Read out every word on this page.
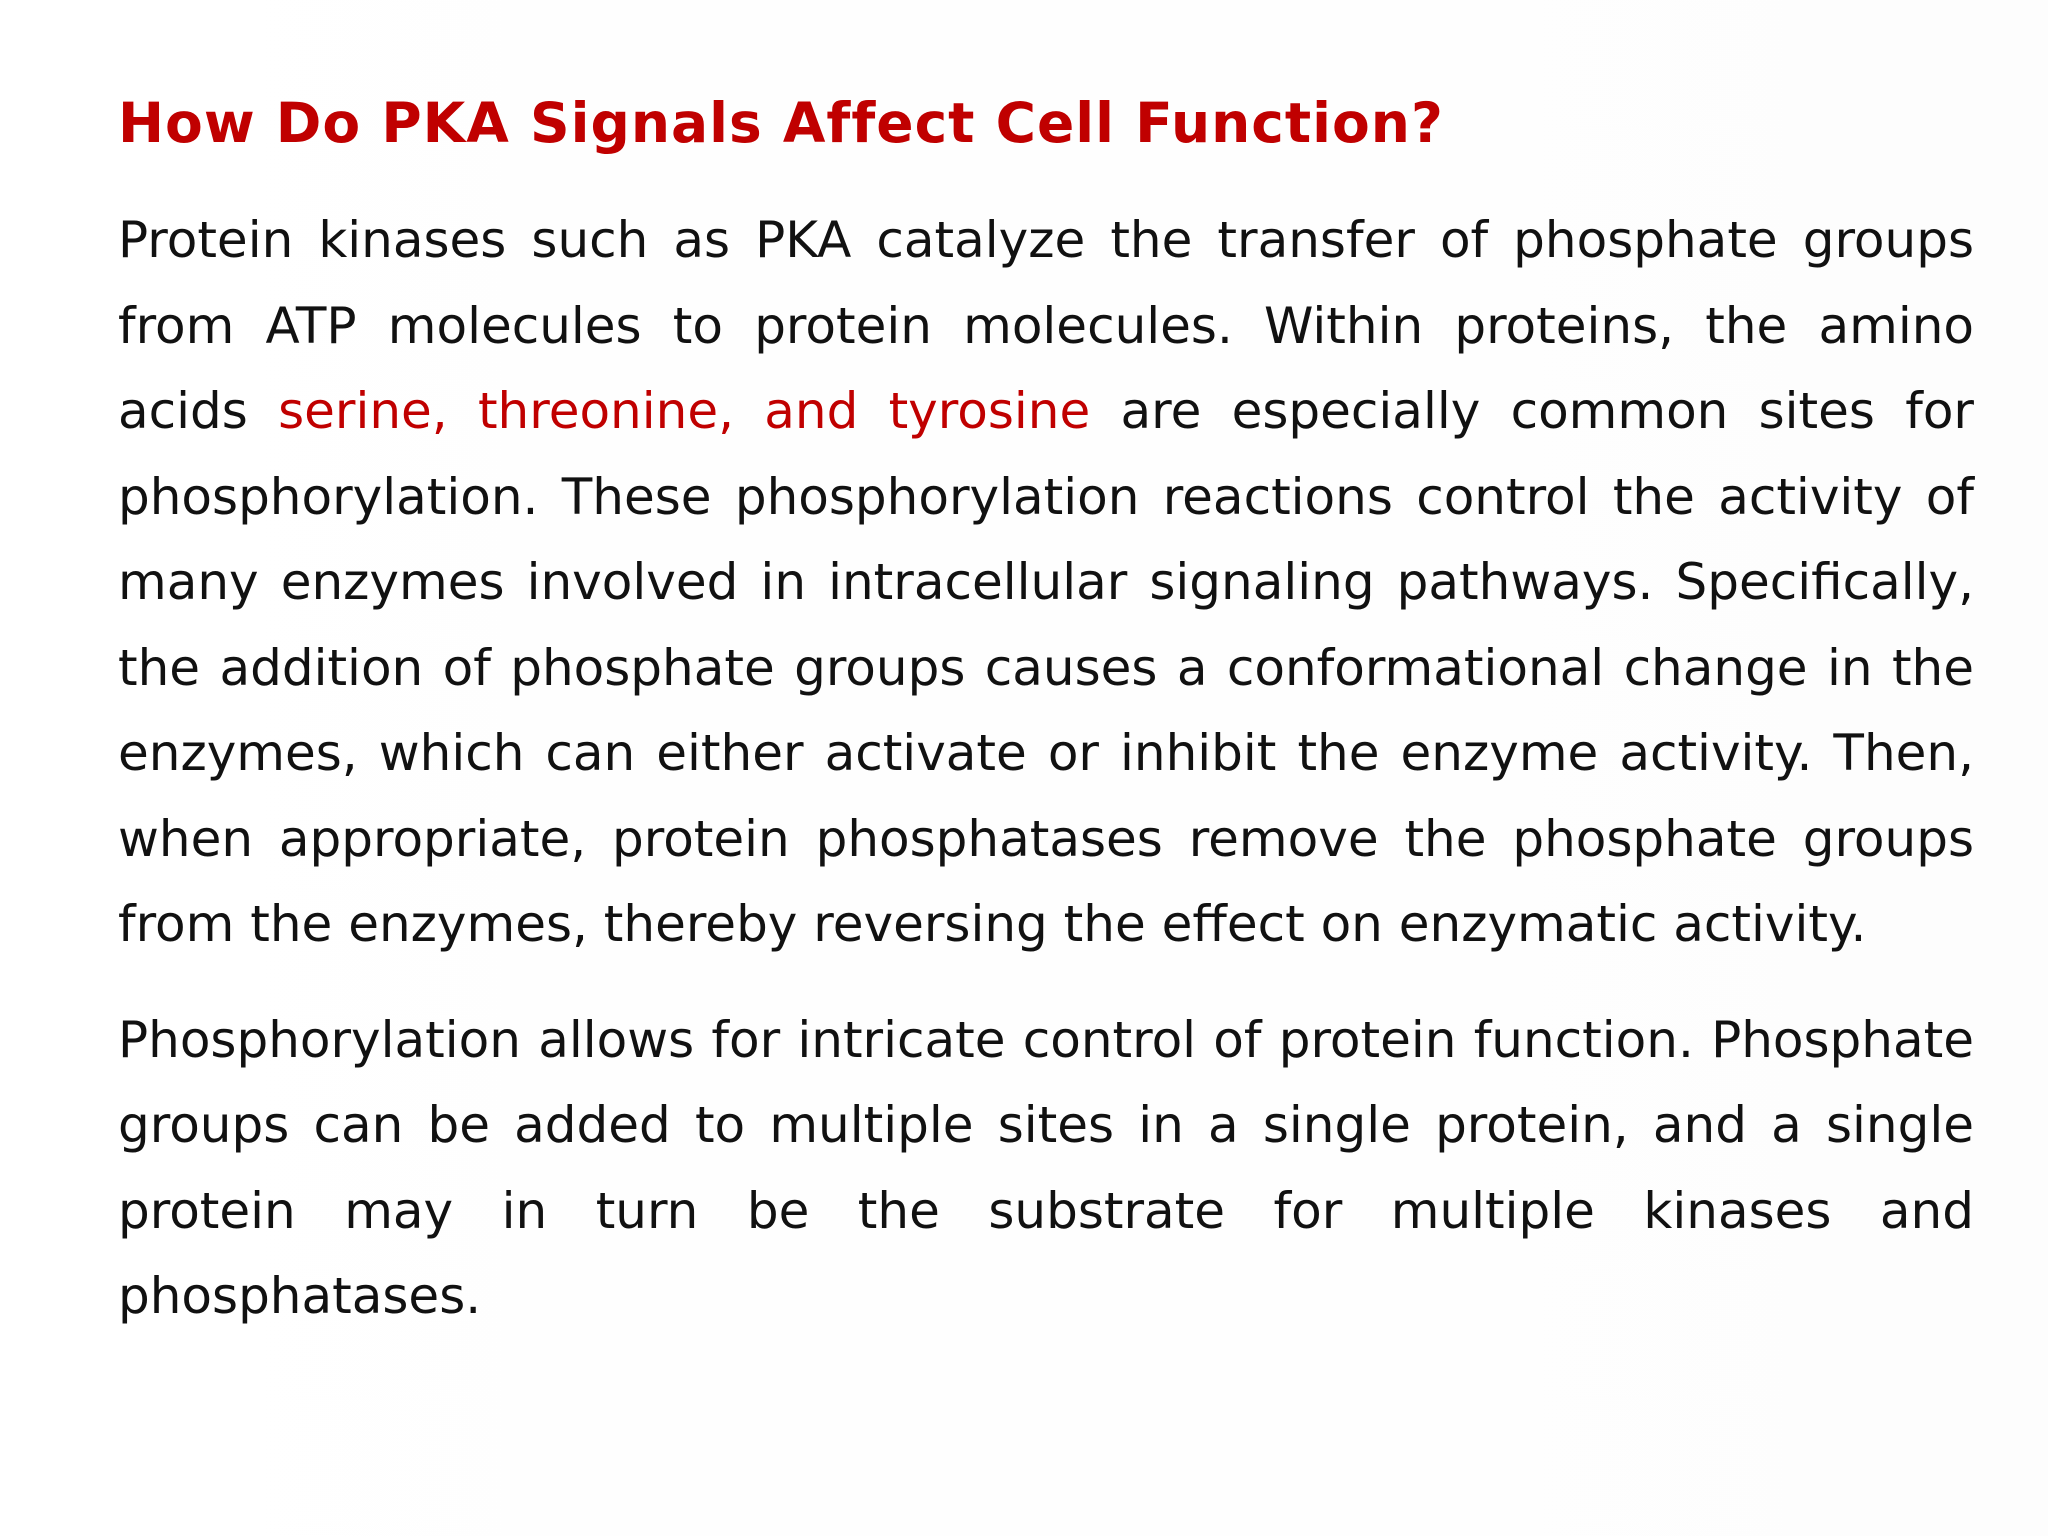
How Do PKA Signals Affect Cell Function?

Protein kinases such as PKA catalyze the transfer of phosphate groups from ATP molecules to protein molecules. Within proteins, the amino acids serine, threonine, and tyrosine are especially common sites for phosphorylation. These phosphorylation reactions control the activity of many enzymes involved in intracellular signaling pathways. Specifically, the addition of phosphate groups causes a conformational change in the enzymes, which can either activate or inhibit the enzyme activity. Then, when appropriate, protein phosphatases remove the phosphate groups from the enzymes, thereby reversing the effect on enzymatic activity.

Phosphorylation allows for intricate control of protein function. Phosphate groups can be added to multiple sites in a single protein, and a single protein may in turn be the substrate for multiple kinases and phosphatases.
